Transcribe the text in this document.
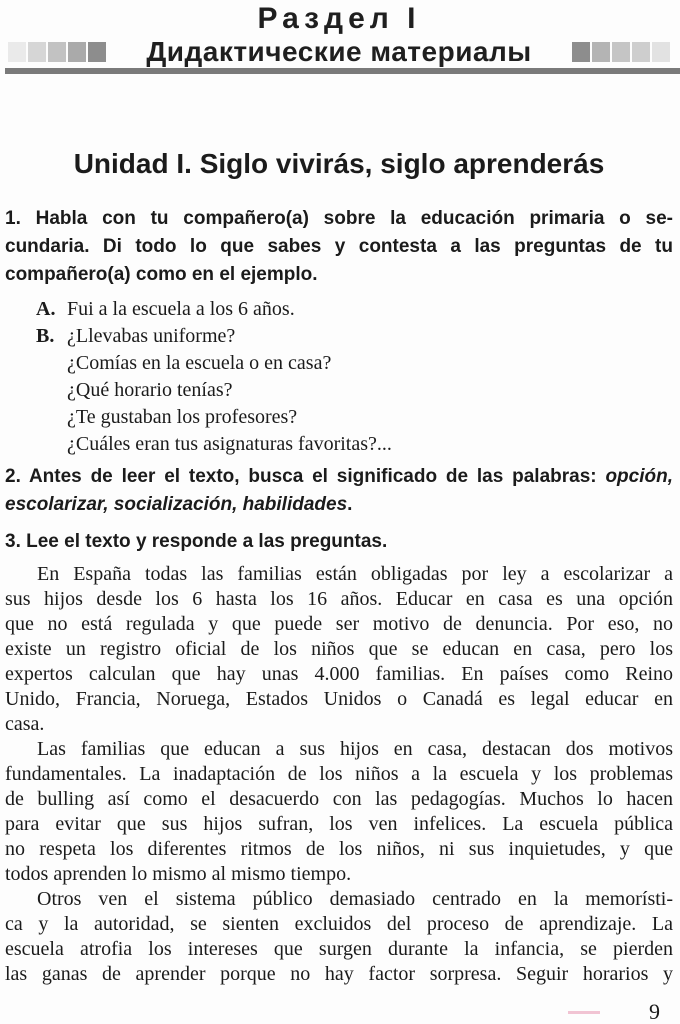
Раздел I
Дидактические материалы
Unidad I. Siglo vivirás, siglo aprenderás
1. Habla con tu compañero(a) sobre la educación primaria o se-
cundaria. Di todo lo que sabes y contesta a las preguntas de tu
compañero(a) como en el ejemplo.
A. Fui a la escuela a los 6 años.
B. ¿Llevabas uniforme?
¿Comías en la escuela o en casa?
¿Qué horario tenías?
¿Te gustaban los profesores?
¿Cuáles eran tus asignaturas favoritas?...
2. Antes de leer el texto, busca el significado de las palabras: opción,
escolarizar, socialización, habilidades.
3. Lee el texto y responde a las preguntas.
En España todas las familias están obligadas por ley a escolarizar a
sus hijos desde los 6 hasta los 16 años. Educar en casa es una opción
que no está regulada y que puede ser motivo de denuncia. Por eso, no
existe un registro oficial de los niños que se educan en casa, pero los
expertos calculan que hay unas 4.000 familias. En países como Reino
Unido, Francia, Noruega, Estados Unidos o Canadá es legal educar en
casa.
Las familias que educan a sus hijos en casa, destacan dos motivos
fundamentales. La inadaptación de los niños a la escuela y los problemas
de bulling así como el desacuerdo con las pedagogías. Muchos lo hacen
para evitar que sus hijos sufran, los ven infelices. La escuela pública
no respeta los diferentes ritmos de los niños, ni sus inquietudes, y que
todos aprenden lo mismo al mismo tiempo.
Otros ven el sistema público demasiado centrado en la memorísti-
ca y la autoridad, se sienten excluidos del proceso de aprendizaje. La
escuela atrofia los intereses que surgen durante la infancia, se pierden
las ganas de aprender porque no hay factor sorpresa. Seguir horarios y
9
